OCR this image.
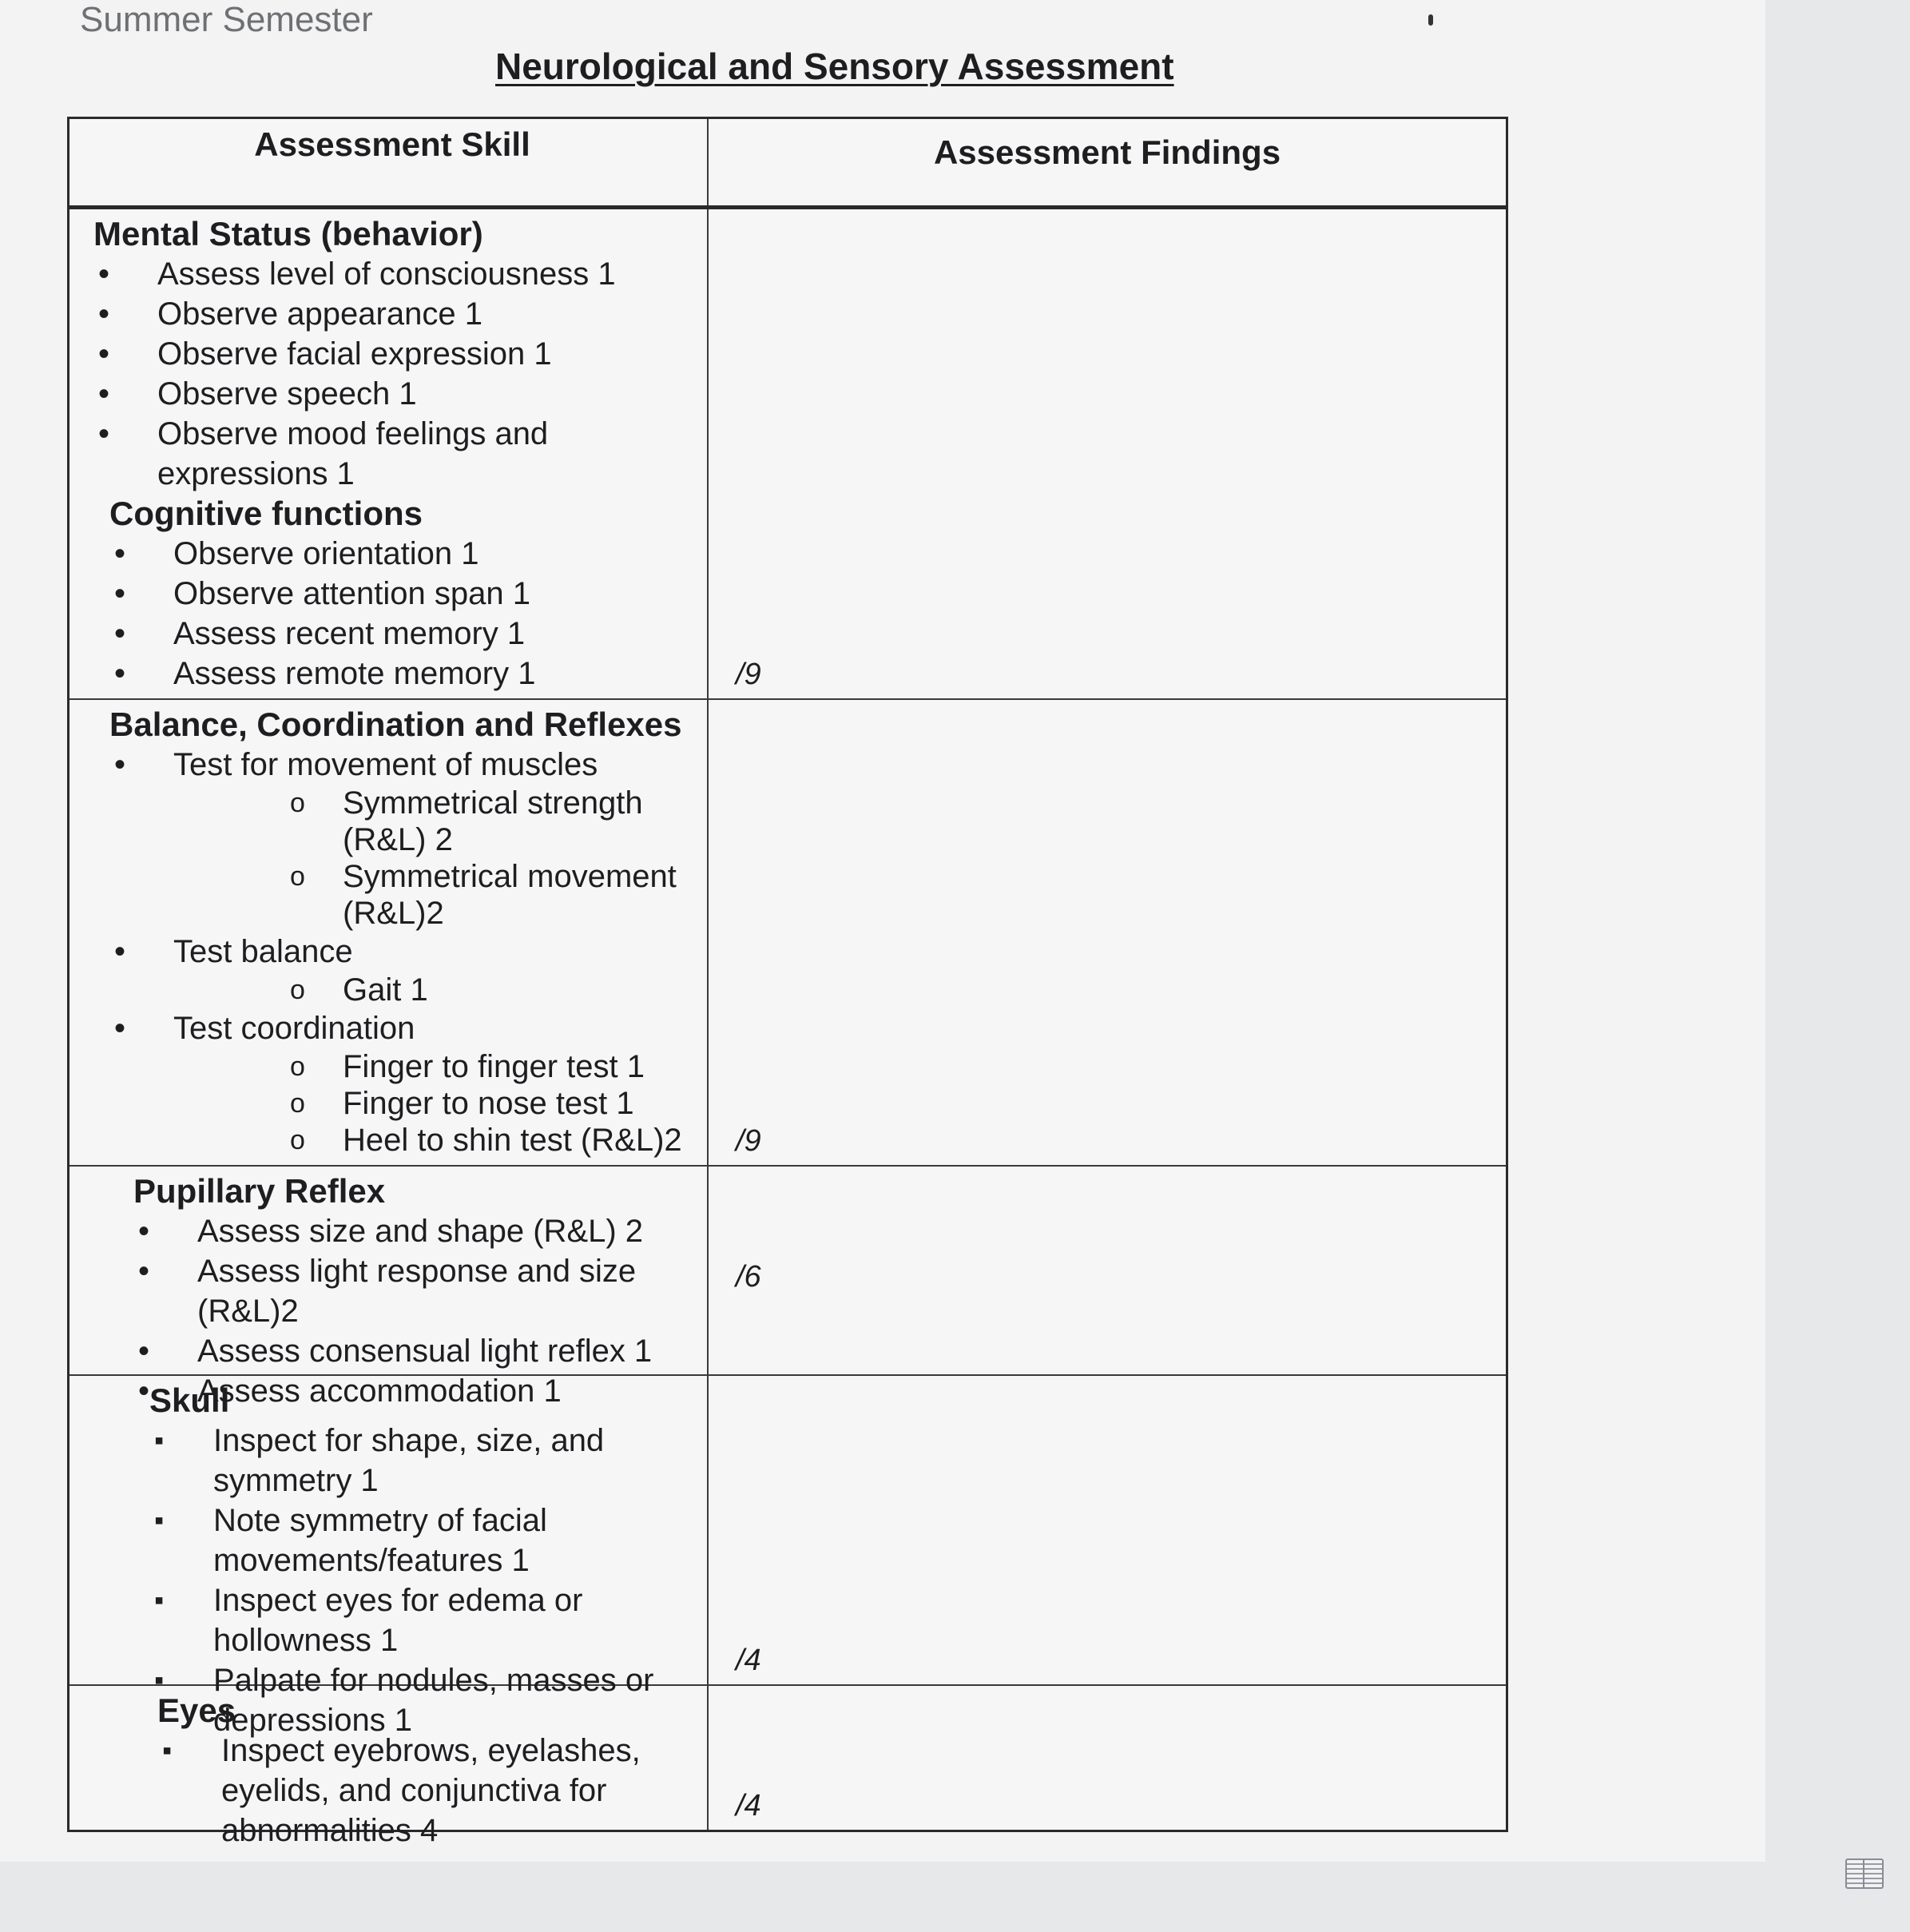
Summer Semester
Neurological and Sensory Assessment
Assessment Skill	Assessment Findings
Mental Status (behavior)
• Assess level of consciousness 1
• Observe appearance 1
• Observe facial expression 1
• Observe speech 1
• Observe mood feelings and expressions 1
Cognitive functions
• Observe orientation 1
• Observe attention span 1
• Assess recent memory 1
• Assess remote memory 1	/9
Balance, Coordination and Reflexes
• Test for movement of muscles
o Symmetrical strength (R&L) 2
o Symmetrical movement (R&L)2
• Test balance
o Gait 1
• Test coordination
o Finger to finger test 1
o Finger to nose test 1
o Heel to shin test (R&L)2 /9
Pupillary Reflex
• Assess size and shape (R&L) 2
• Assess light response and size (R&L)2
• Assess consensual light reflex 1
• Assess accommodation 1
/6
Skull
▪ Inspect for shape, size, and symmetry 1
▪ Note symmetry of facial movements/features 1
▪ Inspect eyes for edema or hollowness 1
▪ Palpate for nodules, masses or depressions 1
/4
Eyes
▪ Inspect eyebrows, eyelashes, eyelids, and conjunctiva for abnormalities 4
/4
